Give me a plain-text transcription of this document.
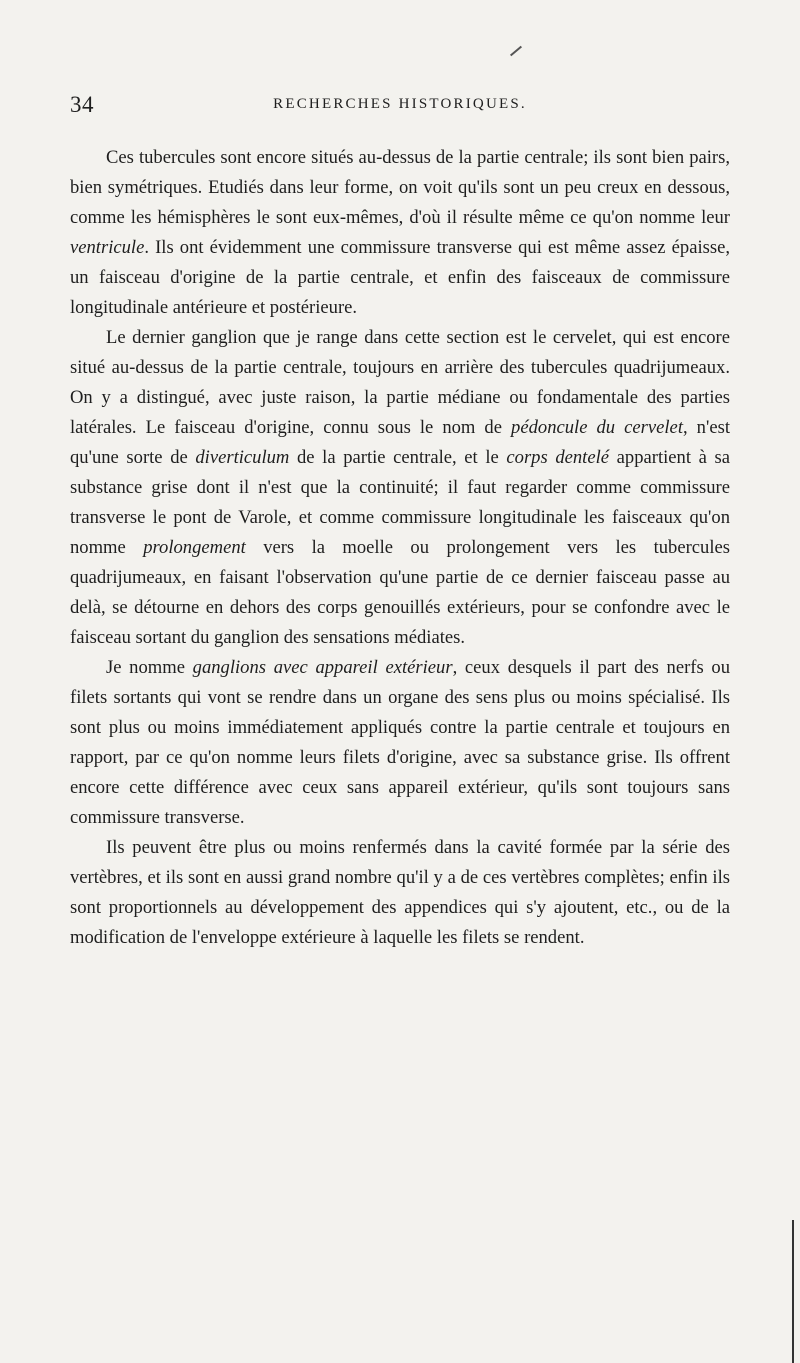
34	RECHERCHES HISTORIQUES.

Ces tubercules sont encore situés au-dessus de la partie centrale; ils sont bien pairs, bien symétriques. Etudiés dans leur forme, on voit qu'ils sont un peu creux en dessous, comme les hémisphères le sont eux-mêmes, d'où il résulte même ce qu'on nomme leur ventricule. Ils ont évidemment une commissure transverse qui est même assez épaisse, un faisceau d'origine de la partie centrale, et enfin des faisceaux de commissure longitudinale antérieure et postérieure.

Le dernier ganglion que je range dans cette section est le cervelet, qui est encore situé au-dessus de la partie centrale, toujours en arrière des tubercules quadrijumeaux. On y a distingué, avec juste raison, la partie médiane ou fondamentale des parties latérales. Le faisceau d'origine, connu sous le nom de pédoncule du cervelet, n'est qu'une sorte de diverticulum de la partie centrale, et le corps dentelé appartient à sa substance grise dont il n'est que la continuité; il faut regarder comme commissure transverse le pont de Varole, et comme commissure longitudinale les faisceaux qu'on nomme prolongement vers la moelle ou prolongement vers les tubercules quadrijumeaux, en faisant l'observation qu'une partie de ce dernier faisceau passe au delà, se détourne en dehors des corps genouillés extérieurs, pour se confondre avec le faisceau sortant du ganglion des sensations médiates.

Je nomme ganglions avec appareil extérieur, ceux desquels il part des nerfs ou filets sortants qui vont se rendre dans un organe des sens plus ou moins spécialisé. Ils sont plus ou moins immédiatement appliqués contre la partie centrale et toujours en rapport, par ce qu'on nomme leurs filets d'origine, avec sa substance grise. Ils offrent encore cette différence avec ceux sans appareil extérieur, qu'ils sont toujours sans commissure transverse.

Ils peuvent être plus ou moins renfermés dans la cavité formée par la série des vertèbres, et ils sont en aussi grand nombre qu'il y a de ces vertèbres complètes; enfin ils sont proportionnels au développement des appendices qui s'y ajoutent, etc., ou de la modification de l'enveloppe extérieure à laquelle les filets se rendent.
